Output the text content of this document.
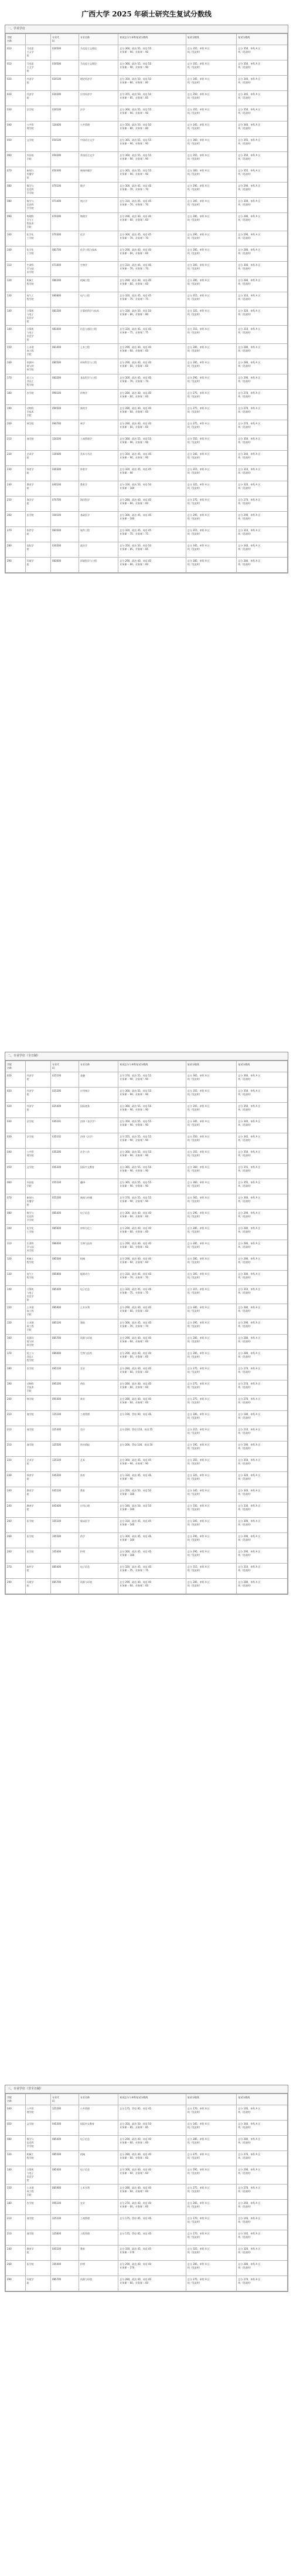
广西大学 2025 年硕士研究生复试分数线
一、学术学位
学院
名称		专业代
码	专业名称	初试总分与单科复试分数线	复试分数线	复试分数线
010	马克思
主义学
院	030500	马克思主义理论	总分 360，政治 55、英语 55
业务课一 90、业务课二 90	总分 355，单科 A 区
线（见说明）	总分 350，单科 A 区
线（见说明）
010	马克思
主义学
院	030500	马克思主义理论	总分 360，政治 55、英语 55
业务课一 90、业务课二 90	总分 355，单科 A 区
线（见说明）	总分 350，单科 A 区
线（见说明）
020	经济学
院	020100	理论经济学	总分 350，政治 50、英语 50
业务课一 80、业务课二 80	总分 345，单科 A 区
线（见说明）	总分 340，单科 A 区
线（见说明）
020	经济学
院	020200	应用经济学	总分 355，政治 50、英语 50
业务课一 85、业务课二 85	总分 350，单科 A 区
线（见说明）	总分 345，单科 A 区
线（见说明）
030	法学院	030100	法学	总分 360，政治 55、英语 55
业务课一 90、业务课二 90	总分 355，单科 A 区
线（见说明）	总分 350，单科 A 区
线（见说明）
040	公共管
理学院	120400	公共管理	总分 350，政治 50、英语 50
业务课一 80、业务课二 80	总分 345，单科 A 区
线（见说明）	总分 340，单科 A 区
线（见说明）
050	文学院	050100	中国语言文学	总分 365，政治 55、英语 55
业务课一 90、业务课二 90	总分 360，单科 A 区
线（见说明）	总分 355，单科 A 区
线（见说明）
060	外国语
学院	050200	外国语言文学	总分 360，政治 55、英语 55
业务课一 90、业务课二 90	总分 355，单科 A 区
线（见说明）	总分 350，单科 A 区
线（见说明）
070	新闻与
传播学
院	050300	新闻传播学	总分 365，政治 55、英语 55
业务课一 90、业务课二 90	总分 360，单科 A 区
线（见说明）	总分 355，单科 A 区
线（见说明）
080	数学与
信息科
学学院	070100	数学	总分 300，政治 45、英语 45
业务课一 70、业务课二 70	总分 295，单科 A 区
线（见说明）	总分 290，单科 A 区
线（见说明）
080	数学与
信息科
学学院	071400	统计学	总分 310，政治 45、英语 45
业务课一 70、业务课二 70	总分 305，单科 A 区
线（见说明）	总分 300，单科 A 区
线（见说明）
090	物理科
学与工
程技术
学院	070200	物理学	总分 290，政治 40、英语 40
业务课一 60、业务课二 60	总分 285，单科 A 区
线（见说明）	总分 280，单科 A 区
线（见说明）
100	化学化
工学院	070300	化学	总分 300，政治 45、英语 45
业务课一 70、业务课二 70	总分 295，单科 A 区
线（见说明）	总分 290，单科 A 区
线（见说明）
100	化学化
工学院	081700	化学工程与技术	总分 290，政治 40、英语 40
业务课一 60、业务课二 60	总分 285，单科 A 区
线（见说明）	总分 280，单科 A 区
线（见说明）
110	生命科
学与技
术学院	071000	生物学	总分 310，政治 45、英语 45
业务课一 70、业务课二 70	总分 305，单科 A 区
线（见说明）	总分 300，单科 A 区
线（见说明）
120	机械工
程学院	080200	机械工程	总分 290，政治 40、英语 40
业务课一 60、业务课二 60	总分 285，单科 A 区
线（见说明）	总分 280，单科 A 区
线（见说明）
130	电气工
程学院	080800	电气工程	总分 320，政治 45、英语 45
业务课一 75、业务课二 75	总分 315，单科 A 区
线（见说明）	总分 310，单科 A 区
线（见说明）
140	计算机
与电子
信息学
院	081200	计算机科学与技术	总分 330，政治 50、英语 50
业务课一 80、业务课二 80	总分 325，单科 A 区
线（见说明）	总分 320，单科 A 区
线（见说明）
140	计算机
与电子
信息学
院	081000	信息与通信工程	总分 320，政治 45、英语 45
业务课一 75、业务课二 75	总分 315，单科 A 区
线（见说明）	总分 310，单科 A 区
线（见说明）
150	土木建
筑工程
学院	081400	土木工程	总分 290，政治 40、英语 40
业务课一 60、业务课二 60	总分 285，单科 A 区
线（见说明）	总分 280，单科 A 区
线（见说明）
160	资源环
境与材
料学院	080500	材料科学与工程	总分 290，政治 40、英语 40
业务课一 60、业务课二 60	总分 285，单科 A 区
线（见说明）	总分 280，单科 A 区
线（见说明）
170	轻工与
食品工
程学院	083200	食品科学与工程	总分 300，政治 45、英语 45
业务课一 70、业务课二 70	总分 295，单科 A 区
线（见说明）	总分 290，单科 A 区
线（见说明）
180	农学院	090100	作物学	总分 280，政治 40、英语 40
业务课一 60、业务课二 60	总分 275，单科 A 区
线（见说明）	总分 270，单科 A 区
线（见说明）
190	动物科
学技术
学院	090500	畜牧学	总分 280，政治 40、英语 40
业务课一 60、业务课二 60	总分 275，单科 A 区
线（见说明）	总分 270，单科 A 区
线（见说明）
200	林学院	090700	林学	总分 280，政治 40、英语 40
业务课一 60、业务课二 60	总分 275，单科 A 区
线（见说明）	总分 270，单科 A 区
线（见说明）
210	商学院	120200	工商管理学	总分 360，政治 55、英语 55
业务课一 90、业务课二 90	总分 355，单科 A 区
线（见说明）	总分 350，单科 A 区
线（见说明）
220	艺术学
院	130400	美术与书法	总分 350，政治 45、英语 45
业务课一 90、业务课二 90	总分 345，单科 A 区
线（见说明）	总分 340，单科 A 区
线（见说明）
230	体育学
院	040300	体育学	总分 320，政治 45、英语 45
业务课一 90	总分 315，单科 A 区
线（见说明）	总分 310，单科 A 区
线（见说明）
240	教育学
院	040100	教育学	总分 330，政治 50、英语 50
业务课一 180	总分 325，单科 A 区
线（见说明）	总分 320，单科 A 区
线（见说明）
250	海洋学
院	070700	海洋科学	总分 280，政治 40、英语 40
业务课一 60、业务课二 60	总分 275，单科 A 区
线（见说明）	总分 270，单科 A 区
线（见说明）
260	医学院	100100	基础医学	总分 300，政治 45、英语 45
业务课一 180	总分 295，单科 A 区
线（见说明）	总分 290，单科 A 区
线（见说明）
270	软件学
院	083500	软件工程	总分 320，政治 45、英语 45
业务课一 75、业务课二 75	总分 315，单科 A 区
线（见说明）	总分 310，单科 A 区
线（见说明）
280	国际学
院	030200	政治学	总分 350，政治 50、英语 50
业务课一 85、业务课二 85	总分 345，单科 A 区
线（见说明）	总分 340，单科 A 区
线（见说明）
290	环境学
院	083000	环境科学与工程	总分 290，政治 40、英语 40
业务课一 60、业务课二 60	总分 285，单科 A 区
线（见说明）	总分 280，单科 A 区
线（见说明）
二、专业学位（全日制）
学院
名称		专业代
码	专业名称	初试总分与单科复试分数线	复试分数线	复试分数线
020	经济学
院	025100	金融	总分 370，政治 55、英语 55
业务课一 90、业务课二 90	总分 365，单科 A 区
线（见说明）	总分 360，单科 A 区
线（见说明）
020	经济学
院	025200	应用统计	总分 360，政治 55、英语 55
业务课一 90、业务课二 90	总分 355，单科 A 区
线（见说明）	总分 350，单科 A 区
线（见说明）
020	经济学
院	025400	国际商务	总分 360，政治 55、英语 55
业务课一 90、业务课二 90	总分 355，单科 A 区
线（见说明）	总分 350，单科 A 区
线（见说明）
030	法学院	035101	法律（非法学）	总分 350，政治 55、英语 55
业务课一 90、业务课二 90	总分 345，单科 A 区
线（见说明）	总分 340，单科 A 区
线（见说明）
030	法学院	035102	法律（法学）	总分 355，政治 55、英语 55
业务课一 90、业务课二 90	总分 350，单科 A 区
线（见说明）	总分 345，单科 A 区
线（见说明）
040	公共管
理学院	035200	社会工作	总分 360，政治 55、英语 55
业务课一 90、业务课二 90	总分 355，单科 A 区
线（见说明）	总分 350，单科 A 区
线（见说明）
050	文学院	045300	国际中文教育	总分 365，政治 55、英语 55
业务课一 90、业务课二 90	总分 360，单科 A 区
线（见说明）	总分 355，单科 A 区
线（见说明）
060	外国语
学院	055100	翻译	总分 365，政治 55、英语 55
业务课一 90、业务课二 90	总分 360，单科 A 区
线（见说明）	总分 355，单科 A 区
线（见说明）
070	新闻与
传播学
院	055200	新闻与传播	总分 370，政治 55、英语 55
业务课一 90、业务课二 90	总分 365，单科 A 区
线（见说明）	总分 360，单科 A 区
线（见说明）
080	数学与
信息科
学学院	085400	电子信息	总分 300，政治 40、英语 40
业务课一 60、业务课二 60	总分 295，单科 A 区
线（见说明）	总分 290，单科 A 区
线（见说明）
100	化学化
工学院	085600	材料与化工	总分 290，政治 40、英语 40
业务课一 60、业务课二 60	总分 285，单科 A 区
线（见说明）	总分 280，单科 A 区
线（见说明）
110	生命科
学与技
术学院	086000	生物与医药	总分 290，政治 40、英语 40
业务课一 60、业务课二 60	总分 285，单科 A 区
线（见说明）	总分 280，单科 A 区
线（见说明）
120	机械工
程学院	085500	机械	总分 290，政治 40、英语 40
业务课一 60、业务课二 60	总分 285，单科 A 区
线（见说明）	总分 280，单科 A 区
线（见说明）
130	电气工
程学院	085800	能源动力	总分 310，政治 45、英语 45
业务课一 70、业务课二 70	总分 305，单科 A 区
线（见说明）	总分 300，单科 A 区
线（见说明）
140	计算机
与电子
信息学
院	085400	电子信息	总分 320，政治 45、英语 45
业务课一 75、业务课二 75	总分 315，单科 A 区
线（见说明）	总分 310，单科 A 区
线（见说明）
150	土木建
筑工程
学院	085900	土木水利	总分 290，政治 40、英语 40
业务课一 60、业务课二 60	总分 285，单科 A 区
线（见说明）	总分 280，单科 A 区
线（见说明）
150	土木建
筑工程
学院	085100	建筑	总分 300，政治 45、英语 45
业务课一 70、业务课二 70	总分 295，单科 A 区
线（见说明）	总分 290，单科 A 区
线（见说明）
160	资源环
境与材
料学院	085700	资源与环境	总分 290，政治 40、英语 40
业务课一 60、业务课二 60	总分 285，单科 A 区
线（见说明）	总分 280，单科 A 区
线（见说明）
170	轻工与
食品工
程学院	086000	生物与医药	总分 290，政治 40、英语 40
业务课一 60、业务课二 60	总分 285，单科 A 区
线（见说明）	总分 280，单科 A 区
线（见说明）
180	农学院	095100	农业	总分 280，政治 40、英语 40
业务课一 60、业务课二 60	总分 275，单科 A 区
线（见说明）	总分 270，单科 A 区
线（见说明）
190	动物科
学技术
学院	095200	兽医	总分 280，政治 40、英语 40
业务课一 60、业务课二 60	总分 275，单科 A 区
线（见说明）	总分 270，单科 A 区
线（见说明）
200	林学院	095400	林业	总分 280，政治 40、英语 40
业务课一 60、业务课二 60	总分 275，单科 A 区
线（见说明）	总分 270，单科 A 区
线（见说明）
210	商学院	125100	工商管理	总分 190，管综 90、英语 45	总分 185，单科 A 区
线（见说明）	总分 180，单科 A 区
线（见说明）
210	商学院	125300	会计	总分 220，管综 110、英语 55	总分 215，单科 A 区
线（见说明）	总分 210，单科 A 区
线（见说明）
210	商学院	125500	图书情报	总分 200，管综 100、英语 50	总分 195，单科 A 区
线（见说明）	总分 190，单科 A 区
线（见说明）
220	艺术学
院	135100	艺术	总分 360，政治 45、英语 45
业务课一 90、业务课二 90	总分 355，单科 A 区
线（见说明）	总分 350，单科 A 区
线（见说明）
230	体育学
院	045200	体育	总分 330，政治 45、英语 45
业务课一 90	总分 325，单科 A 区
线（见说明）	总分 320，单科 A 区
线（见说明）
240	教育学
院	045100	教育	总分 350，政治 50、英语 50
业务课一 180	总分 345，单科 A 区
线（见说明）	总分 340，单科 A 区
线（见说明）
240	教育学
院	045400	应用心理	总分 340，政治 50、英语 50
业务课一 180	总分 335，单科 A 区
线（见说明）	总分 330，单科 A 区
线（见说明）
260	医学院	105100	临床医学	总分 310，政治 45、英语 45
业务课一 180	总分 305，单科 A 区
线（见说明）	总分 300，单科 A 区
线（见说明）
260	医学院	105500	药学	总分 300，政治 45、英语 45
业务课一 180	总分 295，单科 A 区
线（见说明）	总分 290，单科 A 区
线（见说明）
260	医学院	105400	护理	总分 300，政治 45、英语 45
业务课一 180	总分 295，单科 A 区
线（见说明）	总分 290，单科 A 区
线（见说明）
270	软件学
院	085400	电子信息	总分 320，政治 45、英语 45
业务课一 75、业务课二 75	总分 315，单科 A 区
线（见说明）	总分 310，单科 A 区
线（见说明）
290	环境学
院	085700	资源与环境	总分 290，政治 40、英语 40
业务课一 60、业务课二 60	总分 285，单科 A 区
线（见说明）	总分 280，单科 A 区
线（见说明）
三、专业学位（非全日制）
学院
名称		专业代
码	专业名称	初试总分与单科复试分数线	复试分数线	复试分数线
040	公共管
理学院	125200	公共管理	总分 175，管综 85、英语 45	总分 170，单科 A 区
线（见说明）	总分 165，单科 A 区
线（见说明）
050	文学院	045300	国际中文教育	总分 350，政治 50、英语 50
业务课一 85、业务课二 85	总分 345，单科 A 区
线（见说明）	总分 340，单科 A 区
线（见说明）
080	数学与
信息科
学学院	085400	电子信息	总分 290，政治 40、英语 40
业务课一 60、业务课二 60	总分 285，单科 A 区
线（见说明）	总分 280，单科 A 区
线（见说明）
120	机械工
程学院	085500	机械	总分 280，政治 40、英语 40
业务课一 60、业务课二 60	总分 275，单科 A 区
线（见说明）	总分 270，单科 A 区
线（见说明）
140	计算机
与电子
信息学
院	085400	电子信息	总分 300，政治 40、英语 40
业务课一 60、业务课二 60	总分 295，单科 A 区
线（见说明）	总分 290，单科 A 区
线（见说明）
150	土木建
筑工程
学院	085900	土木水利	总分 280，政治 40、英语 40
业务课一 60、业务课二 60	总分 275，单科 A 区
线（见说明）	总分 270，单科 A 区
线（见说明）
180	农学院	095100	农业	总分 270，政治 40、英语 40
业务课一 60、业务课二 60	总分 265，单科 A 区
线（见说明）	总分 260，单科 A 区
线（见说明）
210	商学院	125100	工商管理	总分 175，管综 85、英语 45	总分 170，单科 A 区
线（见说明）	总分 165，单科 A 区
线（见说明）
210	商学院	125600	工程管理	总分 175，管综 85、英语 45	总分 170，单科 A 区
线（见说明）	总分 165，单科 A 区
线（见说明）
240	教育学
院	045100	教育	总分 330，政治 45、英语 45
业务课一 170	总分 325，单科 A 区
线（见说明）	总分 320，单科 A 区
线（见说明）
260	医学院	105400	护理	总分 290，政治 40、英语 40
业务课一 170	总分 285，单科 A 区
线（见说明）	总分 280，单科 A 区
线（见说明）
290	环境学
院	085700	资源与环境	总分 280，政治 40、英语 40
业务课一 60、业务课二 60	总分 275，单科 A 区
线（见说明）	总分 270，单科 A 区
线（见说明）
